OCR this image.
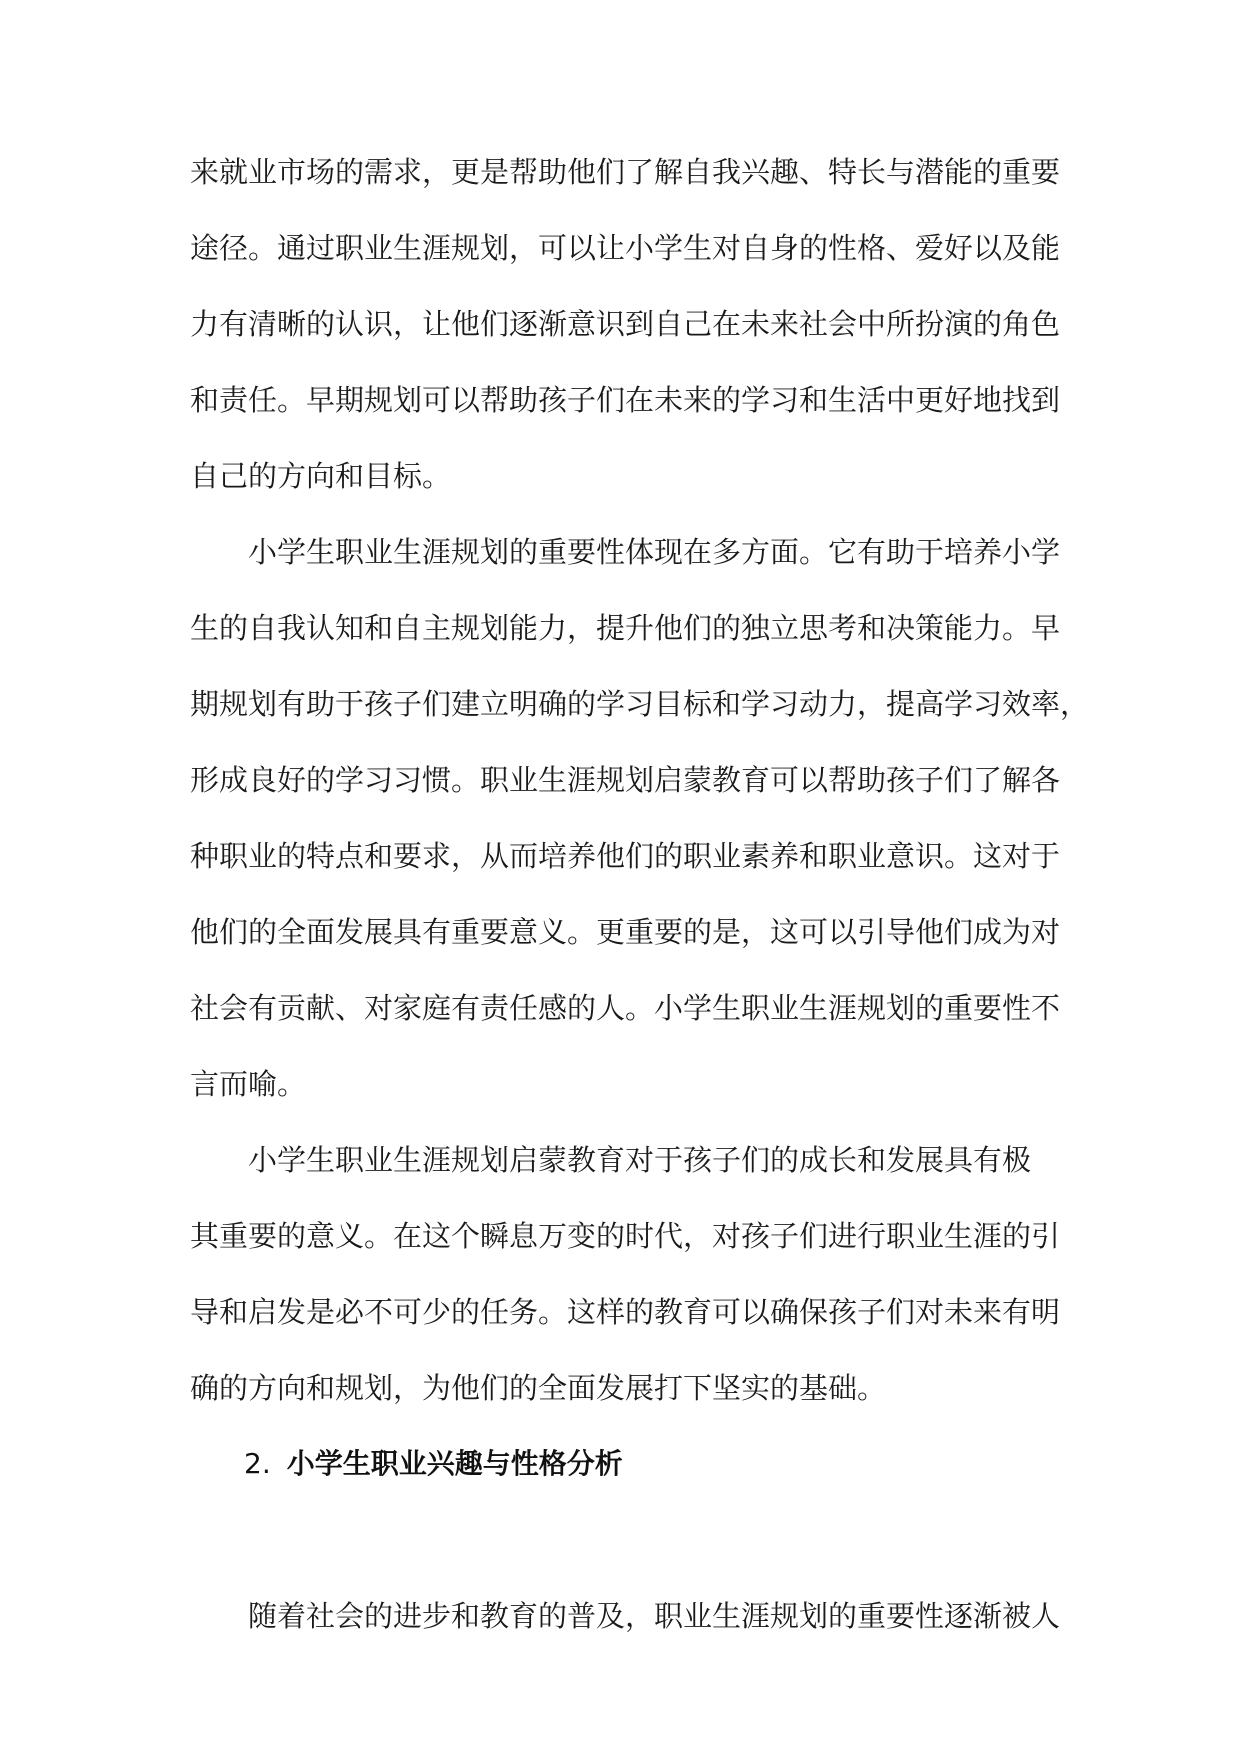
来就业市场的需求，更是帮助他们了解自我兴趣、特长与潜能的重要
途径。通过职业生涯规划，可以让小学生对自身的性格、爱好以及能
力有清晰的认识，让他们逐渐意识到自己在未来社会中所扮演的角色
和责任。早期规划可以帮助孩子们在未来的学习和生活中更好地找到
自己的方向和目标。
　　小学生职业生涯规划的重要性体现在多方面。它有助于培养小学
生的自我认知和自主规划能力，提升他们的独立思考和决策能力。早
期规划有助于孩子们建立明确的学习目标和学习动力，提高学习效率，
形成良好的学习习惯。职业生涯规划启蒙教育可以帮助孩子们了解各
种职业的特点和要求，从而培养他们的职业素养和职业意识。这对于
他们的全面发展具有重要意义。更重要的是，这可以引导他们成为对
社会有贡献、对家庭有责任感的人。小学生职业生涯规划的重要性不
言而喻。
　　小学生职业生涯规划启蒙教育对于孩子们的成长和发展具有极
其重要的意义。在这个瞬息万变的时代，对孩子们进行职业生涯的引
导和启发是必不可少的任务。这样的教育可以确保孩子们对未来有明
确的方向和规划，为他们的全面发展打下坚实的基础。
2. 小学生职业兴趣与性格分析
　　随着社会的进步和教育的普及，职业生涯规划的重要性逐渐被人
